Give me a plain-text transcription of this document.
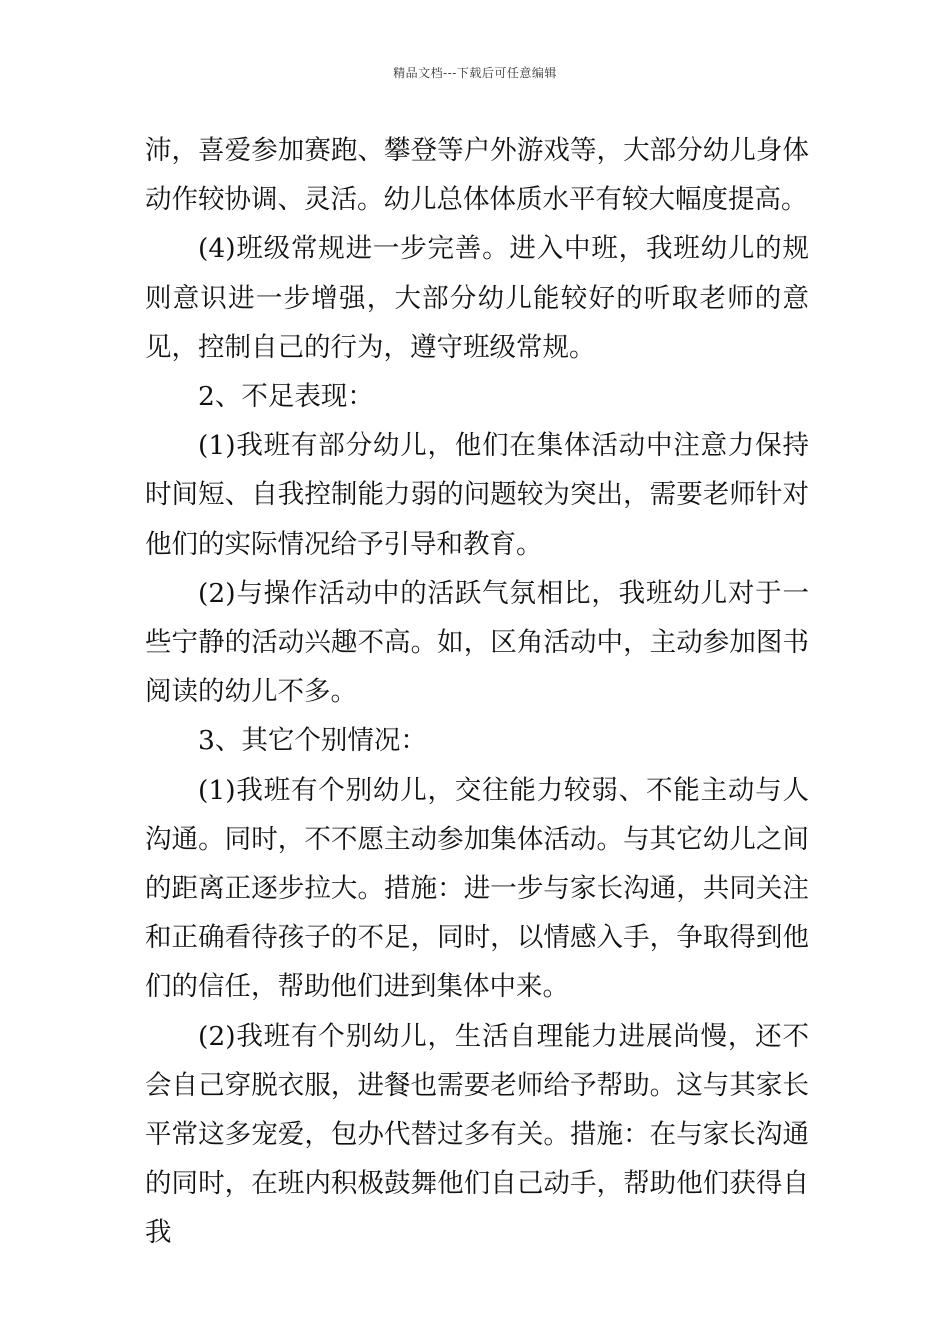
精品文档---下载后可任意编辑

沛，喜爱参加赛跑、攀登等户外游戏等，大部分幼儿身体动作较协调、灵活。幼儿总体体质水平有较大幅度提高。

(4)班级常规进一步完善。进入中班，我班幼儿的规则意识进一步增强，大部分幼儿能较好的听取老师的意见，控制自己的行为，遵守班级常规。

2、不足表现：

(1)我班有部分幼儿，他们在集体活动中注意力保持时间短、自我控制能力弱的问题较为突出，需要老师针对他们的实际情况给予引导和教育。

(2)与操作活动中的活跃气氛相比，我班幼儿对于一些宁静的活动兴趣不高。如，区角活动中，主动参加图书阅读的幼儿不多。

3、其它个别情况：

(1)我班有个别幼儿，交往能力较弱、不能主动与人沟通。同时，不不愿主动参加集体活动。与其它幼儿之间的距离正逐步拉大。措施：进一步与家长沟通，共同关注和正确看待孩子的不足，同时，以情感入手，争取得到他们的信任，帮助他们进到集体中来。

(2)我班有个别幼儿，生活自理能力进展尚慢，还不会自己穿脱衣服，进餐也需要老师给予帮助。这与其家长平常这多宠爱，包办代替过多有关。措施：在与家长沟通的同时，在班内积极鼓舞他们自己动手，帮助他们获得自我
